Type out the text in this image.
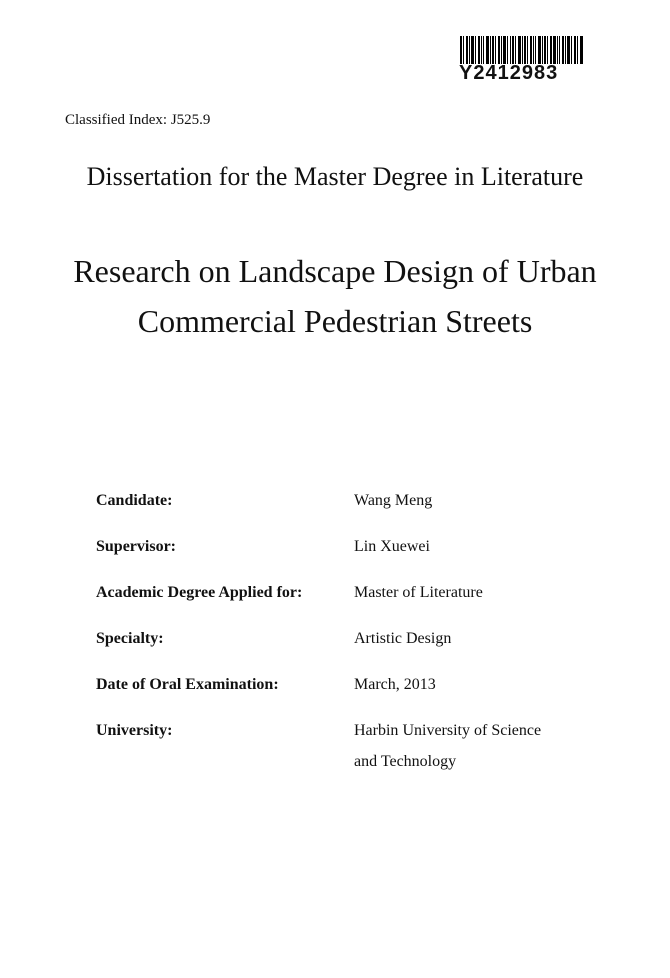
Y2412983
Classified Index: J525.9
Dissertation for the Master Degree in Literature
Research on Landscape Design of Urban
Commercial Pedestrian Streets
Candidate:	Wang Meng
Supervisor:	Lin Xuewei
Academic Degree Applied for:	Master of Literature
Specialty:	Artistic Design
Date of Oral Examination:	March, 2013
University:	Harbin University of Science
and Technology
